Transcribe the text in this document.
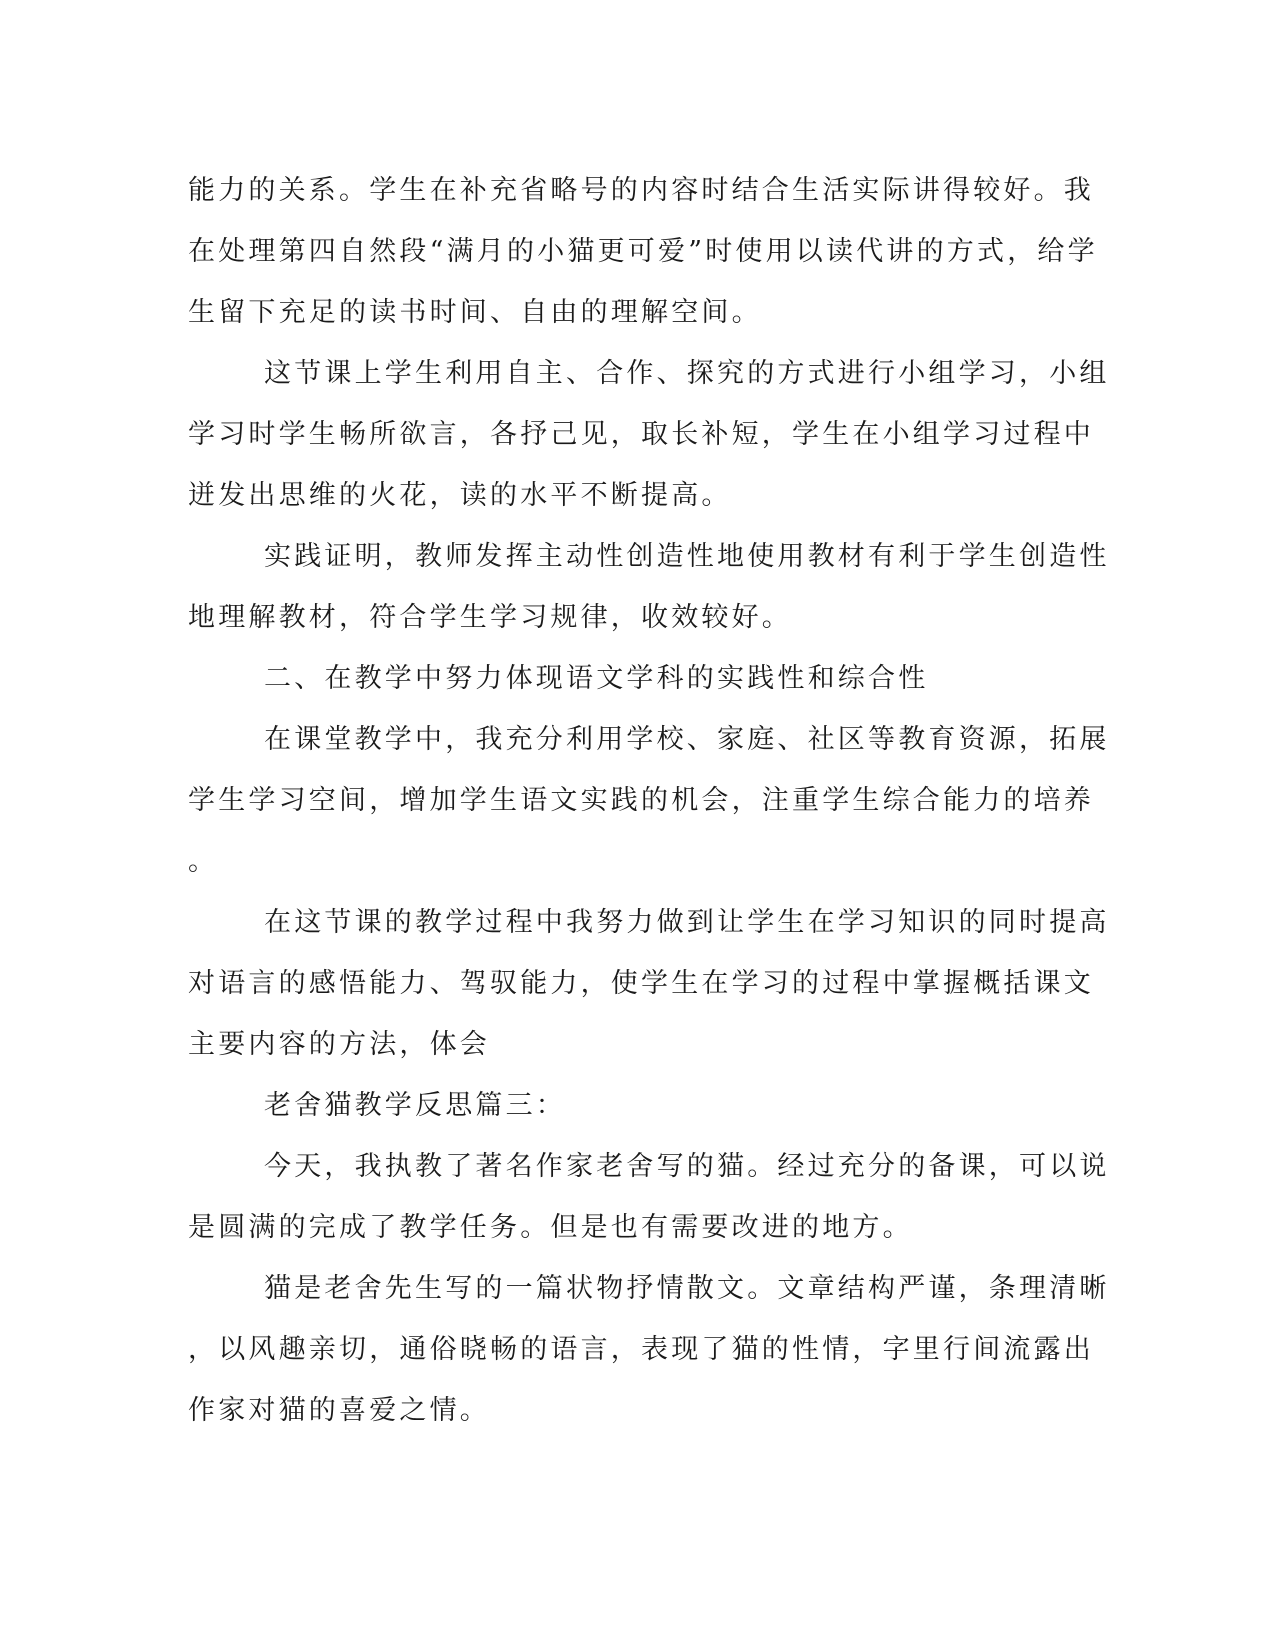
能力的关系。学生在补充省略号的内容时结合生活实际讲得较好。我
在处理第四自然段“满月的小猫更可爱”时使用以读代讲的方式，给学
生留下充足的读书时间、自由的理解空间。
这节课上学生利用自主、合作、探究的方式进行小组学习，小组
学习时学生畅所欲言，各抒己见，取长补短，学生在小组学习过程中
迸发出思维的火花，读的水平不断提高。
实践证明，教师发挥主动性创造性地使用教材有利于学生创造性
地理解教材，符合学生学习规律，收效较好。
二、在教学中努力体现语文学科的实践性和综合性
在课堂教学中，我充分利用学校、家庭、社区等教育资源，拓展
学生学习空间，增加学生语文实践的机会，注重学生综合能力的培养
。
在这节课的教学过程中我努力做到让学生在学习知识的同时提高
对语言的感悟能力、驾驭能力，使学生在学习的过程中掌握概括课文
主要内容的方法，体会
老舍猫教学反思篇三：
今天，我执教了著名作家老舍写的猫。经过充分的备课，可以说
是圆满的完成了教学任务。但是也有需要改进的地方。
猫是老舍先生写的一篇状物抒情散文。文章结构严谨，条理清晰
，以风趣亲切，通俗晓畅的语言，表现了猫的性情，字里行间流露出
作家对猫的喜爱之情。
